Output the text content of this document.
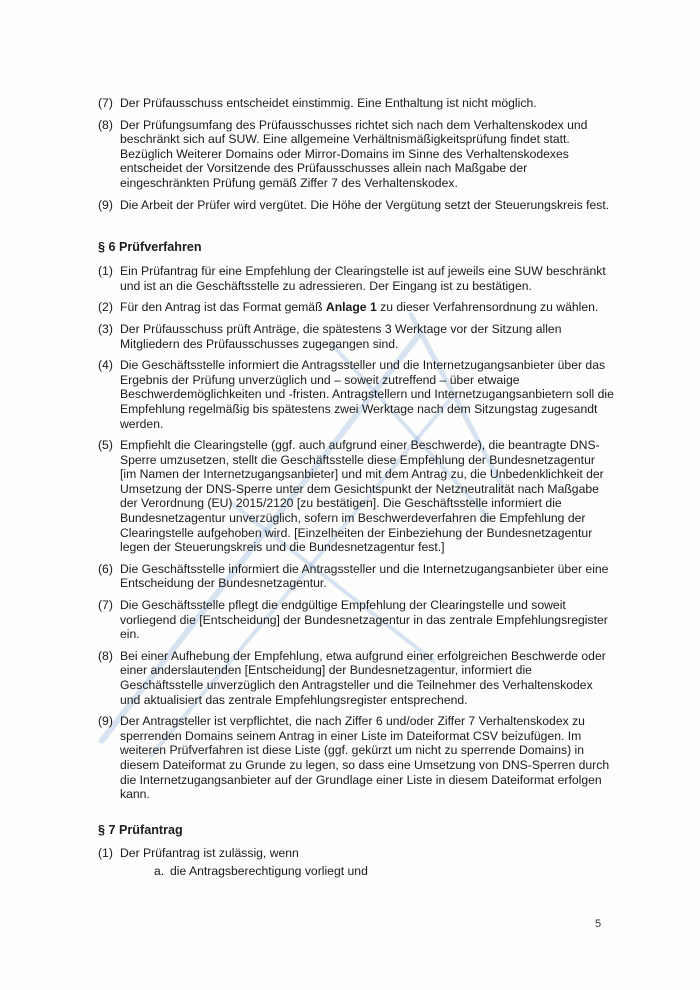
(7) Der Prüfausschuss entscheidet einstimmig. Eine Enthaltung ist nicht möglich.
(8) Der Prüfungsumfang des Prüfausschusses richtet sich nach dem Verhaltenskodex und beschränkt sich auf SUW. Eine allgemeine Verhältnismäßigkeitsprüfung findet statt. Bezüglich Weiterer Domains oder Mirror-Domains im Sinne des Verhaltenskodexes entscheidet der Vorsitzende des Prüfausschusses allein nach Maßgabe der eingeschränkten Prüfung gemäß Ziffer 7 des Verhaltenskodex.
(9) Die Arbeit der Prüfer wird vergütet. Die Höhe der Vergütung setzt der Steuerungskreis fest.
§ 6 Prüfverfahren
(1) Ein Prüfantrag für eine Empfehlung der Clearingstelle ist auf jeweils eine SUW beschränkt und ist an die Geschäftsstelle zu adressieren. Der Eingang ist zu bestätigen.
(2) Für den Antrag ist das Format gemäß Anlage 1 zu dieser Verfahrensordnung zu wählen.
(3) Der Prüfausschuss prüft Anträge, die spätestens 3 Werktage vor der Sitzung allen Mitgliedern des Prüfausschusses zugegangen sind.
(4) Die Geschäftsstelle informiert die Antragssteller und die Internetzugangsanbieter über das Ergebnis der Prüfung unverzüglich und – soweit zutreffend – über etwaige Beschwerdemöglichkeiten und -fristen. Antragstellern und Internetzugangsanbietern soll die Empfehlung regelmäßig bis spätestens zwei Werktage nach dem Sitzungstag zugesandt werden.
(5) Empfiehlt die Clearingstelle (ggf. auch aufgrund einer Beschwerde), die beantragte DNS-Sperre umzusetzen, stellt die Geschäftsstelle diese Empfehlung der Bundesnetzagentur [im Namen der Internetzugangsanbieter] und mit dem Antrag zu, die Unbedenklichkeit der Umsetzung der DNS-Sperre unter dem Gesichtspunkt der Netzneutralität nach Maßgabe der Verordnung (EU) 2015/2120 [zu bestätigen]. Die Geschäftsstelle informiert die Bundesnetzagentur unverzüglich, sofern im Beschwerdeverfahren die Empfehlung der Clearingstelle aufgehoben wird. [Einzelheiten der Einbeziehung der Bundesnetzagentur legen der Steuerungskreis und die Bundesnetzagentur fest.]
(6) Die Geschäftsstelle informiert die Antragssteller und die Internetzugangsanbieter über eine Entscheidung der Bundesnetzagentur.
(7) Die Geschäftsstelle pflegt die endgültige Empfehlung der Clearingstelle und soweit vorliegend die [Entscheidung] der Bundesnetzagentur in das zentrale Empfehlungsregister ein.
(8) Bei einer Aufhebung der Empfehlung, etwa aufgrund einer erfolgreichen Beschwerde oder einer anderslautenden [Entscheidung] der Bundesnetzagentur, informiert die Geschäftsstelle unverzüglich den Antragsteller und die Teilnehmer des Verhaltenskodex und aktualisiert das zentrale Empfehlungsregister entsprechend.
(9) Der Antragsteller ist verpflichtet, die nach Ziffer 6 und/oder Ziffer 7 Verhaltenskodex zu sperrenden Domains seinem Antrag in einer Liste im Dateiformat CSV beizufügen. Im weiteren Prüfverfahren ist diese Liste (ggf. gekürzt um nicht zu sperrende Domains) in diesem Dateiformat zu Grunde zu legen, so dass eine Umsetzung von DNS-Sperren durch die Internetzugangsanbieter auf der Grundlage einer Liste in diesem Dateiformat erfolgen kann.
§ 7 Prüfantrag
(1) Der Prüfantrag ist zulässig, wenn
a. die Antragsberechtigung vorliegt und
5
